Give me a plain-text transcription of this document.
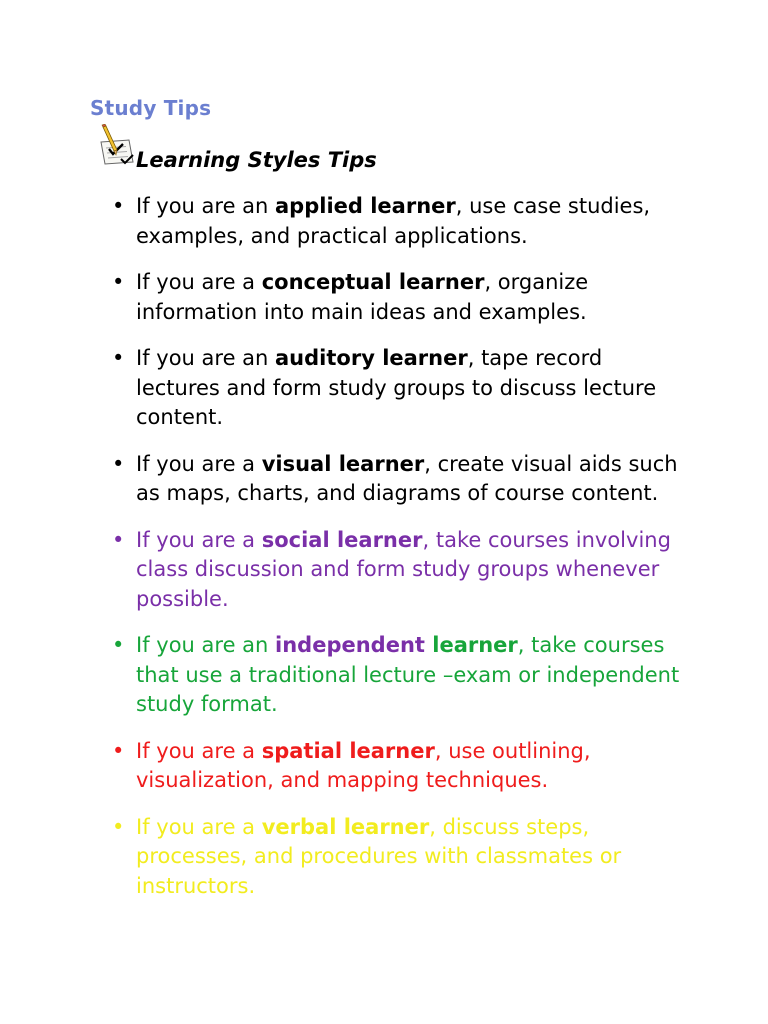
Study Tips
Learning Styles Tips
• If you are an applied learner, use case studies, examples, and practical applications.
• If you are a conceptual learner, organize information into main ideas and examples.
• If you are an auditory learner, tape record lectures and form study groups to discuss lecture content.
• If you are a visual learner, create visual aids such as maps, charts, and diagrams of course content.
• If you are a social learner, take courses involving class discussion and form study groups whenever possible.
• If you are an independent learner, take courses that use a traditional lecture –exam or independent study format.
• If you are a spatial learner, use outlining, visualization, and mapping techniques.
• If you are a verbal learner, discuss steps, processes, and procedures with classmates or instructors.
